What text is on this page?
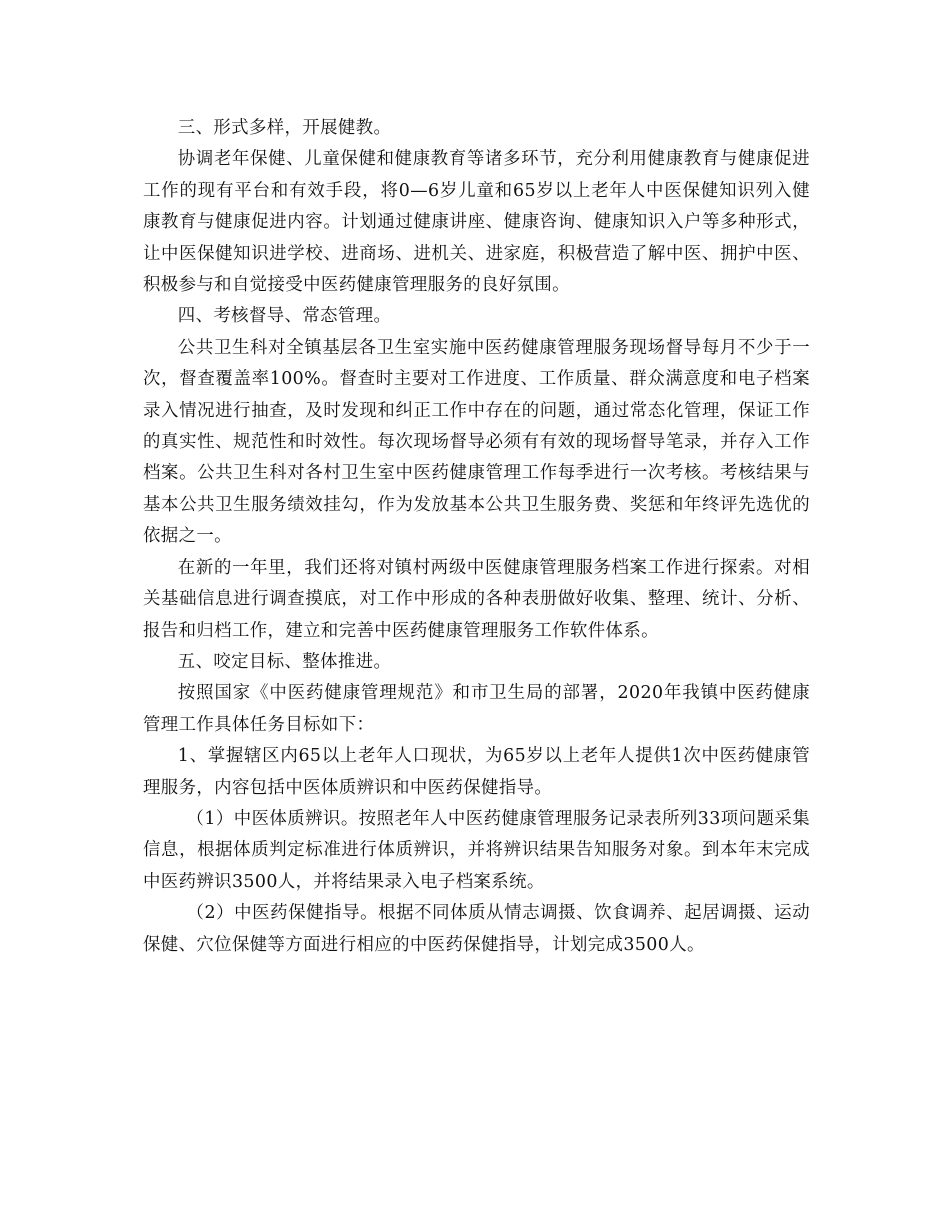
三、形式多样，开展健教。

协调老年保健、儿童保健和健康教育等诸多环节，充分利用健康教育与健康促进工作的现有平台和有效手段，将0—6岁儿童和65岁以上老年人中医保健知识列入健康教育与健康促进内容。计划通过健康讲座、健康咨询、健康知识入户等多种形式，让中医保健知识进学校、进商场、进机关、进家庭，积极营造了解中医、拥护中医、积极参与和自觉接受中医药健康管理服务的良好氛围。

四、考核督导、常态管理。

公共卫生科对全镇基层各卫生室实施中医药健康管理服务现场督导每月不少于一次，督查覆盖率100%。督查时主要对工作进度、工作质量、群众满意度和电子档案录入情况进行抽查，及时发现和纠正工作中存在的问题，通过常态化管理，保证工作的真实性、规范性和时效性。每次现场督导必须有有效的现场督导笔录，并存入工作档案。公共卫生科对各村卫生室中医药健康管理工作每季进行一次考核。考核结果与基本公共卫生服务绩效挂勾，作为发放基本公共卫生服务费、奖惩和年终评先选优的依据之一。

在新的一年里，我们还将对镇村两级中医健康管理服务档案工作进行探索。对相关基础信息进行调查摸底，对工作中形成的各种表册做好收集、整理、统计、分析、报告和归档工作，建立和完善中医药健康管理服务工作软件体系。

五、咬定目标、整体推进。

按照国家《中医药健康管理规范》和市卫生局的部署，2020年我镇中医药健康管理工作具体任务目标如下：

1、掌握辖区内65以上老年人口现状，为65岁以上老年人提供1次中医药健康管理服务，内容包括中医体质辨识和中医药保健指导。

（1）中医体质辨识。按照老年人中医药健康管理服务记录表所列33项问题采集信息，根据体质判定标准进行体质辨识，并将辨识结果告知服务对象。到本年末完成中医药辨识3500人，并将结果录入电子档案系统。

（2）中医药保健指导。根据不同体质从情志调摄、饮食调养、起居调摄、运动保健、穴位保健等方面进行相应的中医药保健指导，计划完成3500人。
